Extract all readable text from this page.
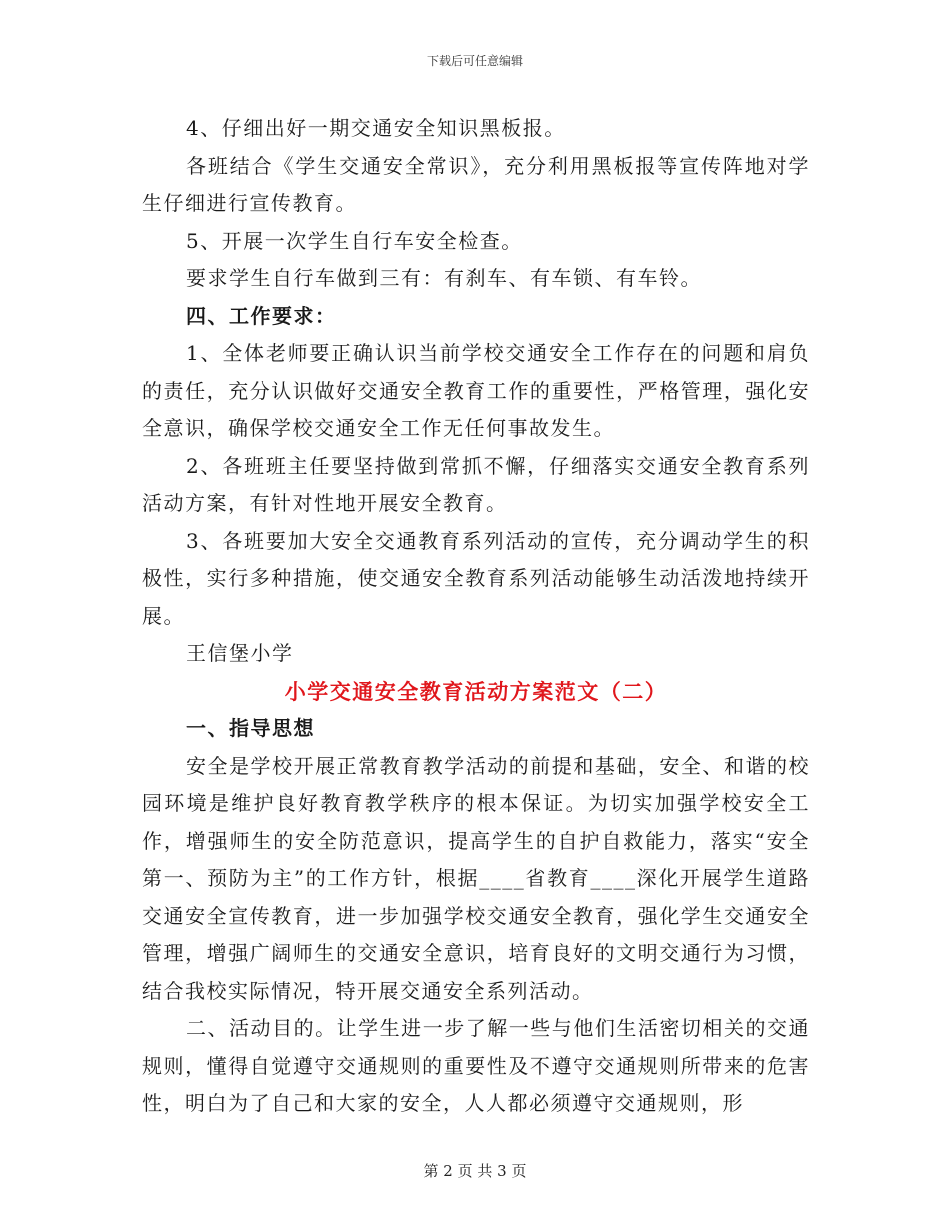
下载后可任意编辑

4、仔细出好一期交通安全知识黑板报。

各班结合《学生交通安全常识》，充分利用黑板报等宣传阵地对学生仔细进行宣传教育。

5、开展一次学生自行车安全检查。

要求学生自行车做到三有：有刹车、有车锁、有车铃。

四、工作要求：

1、全体老师要正确认识当前学校交通安全工作存在的问题和肩负的责任，充分认识做好交通安全教育工作的重要性，严格管理，强化安全意识，确保学校交通安全工作无任何事故发生。

2、各班班主任要坚持做到常抓不懈，仔细落实交通安全教育系列活动方案，有针对性地开展安全教育。

3、各班要加大安全交通教育系列活动的宣传，充分调动学生的积极性，实行多种措施，使交通安全教育系列活动能够生动活泼地持续开展。

王信堡小学

小学交通安全教育活动方案范文（二）

一、指导思想

安全是学校开展正常教育教学活动的前提和基础，安全、和谐的校园环境是维护良好教育教学秩序的根本保证。为切实加强学校安全工作，增强师生的安全防范意识，提高学生的自护自救能力，落实“安全第一、预防为主”的工作方针，根据____省教育____深化开展学生道路交通安全宣传教育，进一步加强学校交通安全教育，强化学生交通安全管理，增强广阔师生的交通安全意识，培育良好的文明交通行为习惯，结合我校实际情况，特开展交通安全系列活动。

二、活动目的。让学生进一步了解一些与他们生活密切相关的交通规则，懂得自觉遵守交通规则的重要性及不遵守交通规则所带来的危害性，明白为了自己和大家的安全，人人都必须遵守交通规则，形

第 2 页 共 3 页
